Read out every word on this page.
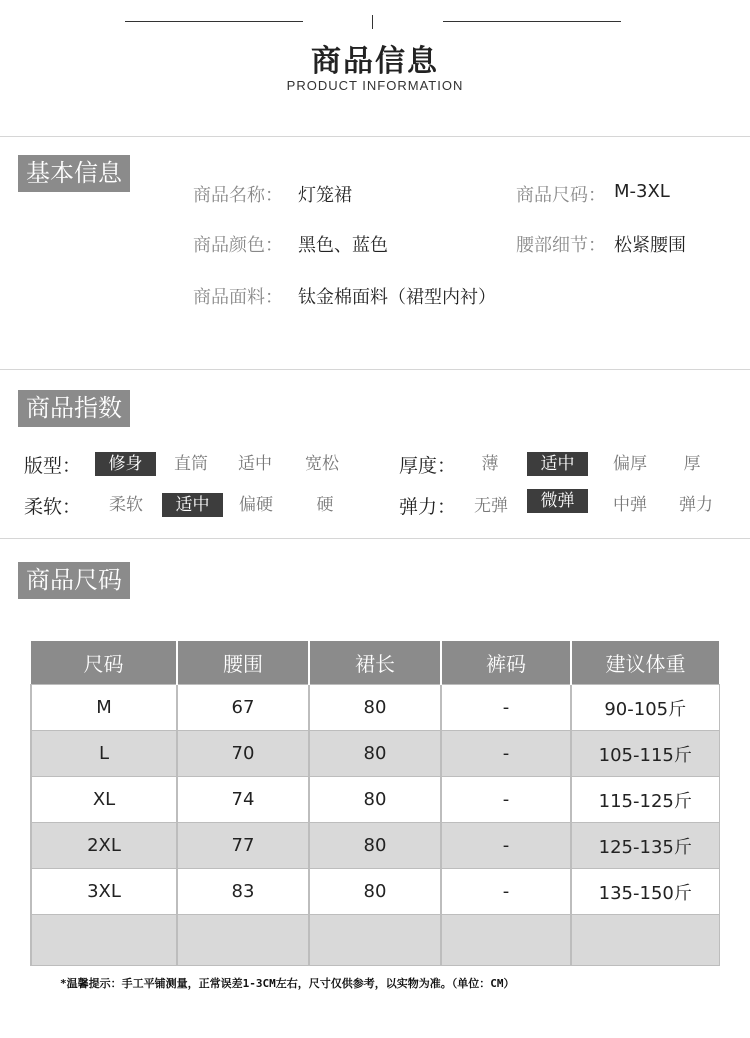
商品信息
PRODUCT INFORMATION
基本信息
商品名称： 灯笼裙	商品尺码： M-3XL
商品颜色： 黑色、蓝色	腰部细节： 松紧腰围
商品面料： 钛金棉面料（裙型内衬）
商品指数
版型：	修身	直筒	适中	宽松	厚度：	薄	适中	偏厚	厚
柔软：	柔软	适中	偏硬	硬	弹力：	无弹	微弹	中弹	弹力
商品尺码
尺码	腰围	裙长	裤码	建议体重
M	67	80	-	90-105斤
L	70	80	-	105-115斤
XL	74	80	-	115-125斤
2XL	77	80	-	125-135斤
3XL	83	80	-	135-150斤

*温馨提示：手工平铺测量，正常误差1-3CM左右，尺寸仅供参考，以实物为准。（单位：CM）
